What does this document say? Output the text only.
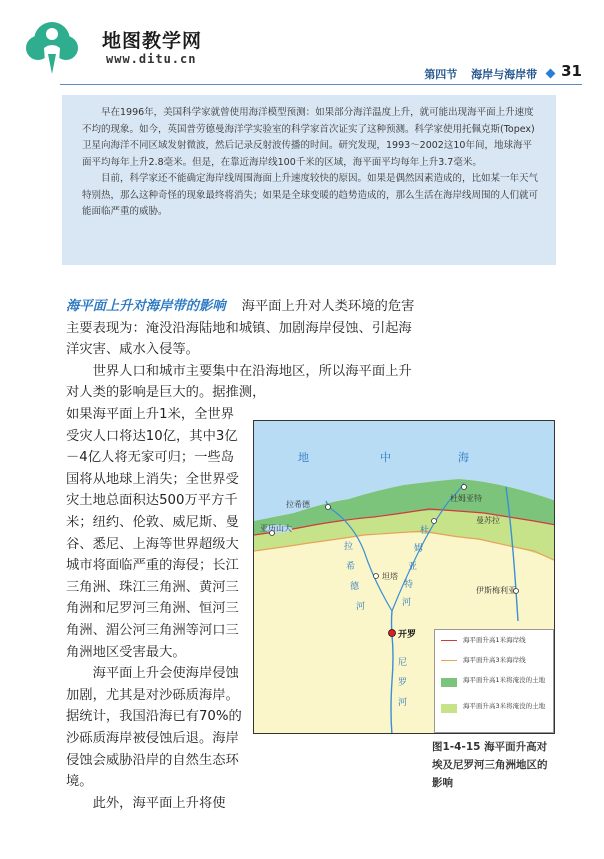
地图教学网
www.ditu.cn
第四节 海岸与海岸带	31

早在1996年，美国科学家就曾使用海洋模型预测：如果部分海洋温度上升，就可能出现海平面上升速度不均的现象。如今，英国普劳德曼海洋学实验室的科学家首次证实了这种预测。科学家使用托佩克斯(Topex)卫星向海洋不同区域发射微波，然后记录反射波传播的时间。研究发现，1993～2002这10年间，地球海平面平均每年上升2.8毫米。但是，在靠近海岸线100千米的区域，海平面平均每年上升3.7毫米。

目前，科学家还不能确定海岸线周围海面上升速度较快的原因。如果是偶然因素造成的，比如某一年天气特别热，那么这种奇怪的现象最终将消失；如果是全球变暖的趋势造成的，那么生活在海岸线周围的人们就可能面临严重的威胁。

海平面上升对海岸带的影响 海平面上升对人类环境的危害主要表现为：淹没沿海陆地和城镇、加剧海岸侵蚀、引起海洋灾害、咸水入侵等。

世界人口和城市主要集中在沿海地区，所以海平面上升对人类的影响是巨大的。据推测，

如果海平面上升1米，全世界受灾人口将达10亿，其中3亿－4亿人将无家可归；一些岛国将从地球上消失；全世界受灾土地总面积达500万平方千米；纽约、伦敦、威尼斯、曼谷、悉尼、上海等世界超级大城市将面临严重的海侵；长江三角洲、珠江三角洲、黄河三角洲和尼罗河三角洲、恒河三角洲、湄公河三角洲等河口三角洲地区受害最大。

海平面上升会使海岸侵蚀加剧，尤其是对沙砾质海岸。据统计，我国沿海已有70%的沙砾质海岸被侵蚀后退。海岸侵蚀会威胁沿岸的自然生态环境。

此外，海平面上升将使

地	中	海
亚历山大
拉希德
杜姆亚特
曼苏拉
坦塔
伊斯梅利亚
开罗
拉
希
德
河
杜
姆
亚
特
河
尼
罗
河
海平面升高1米海岸线
海平面升高3米海岸线
海平面升高1米将淹没的土地
海平面升高3米将淹没的土地
图1-4-15 海平面升高对埃及尼罗河三角洲地区的影响
